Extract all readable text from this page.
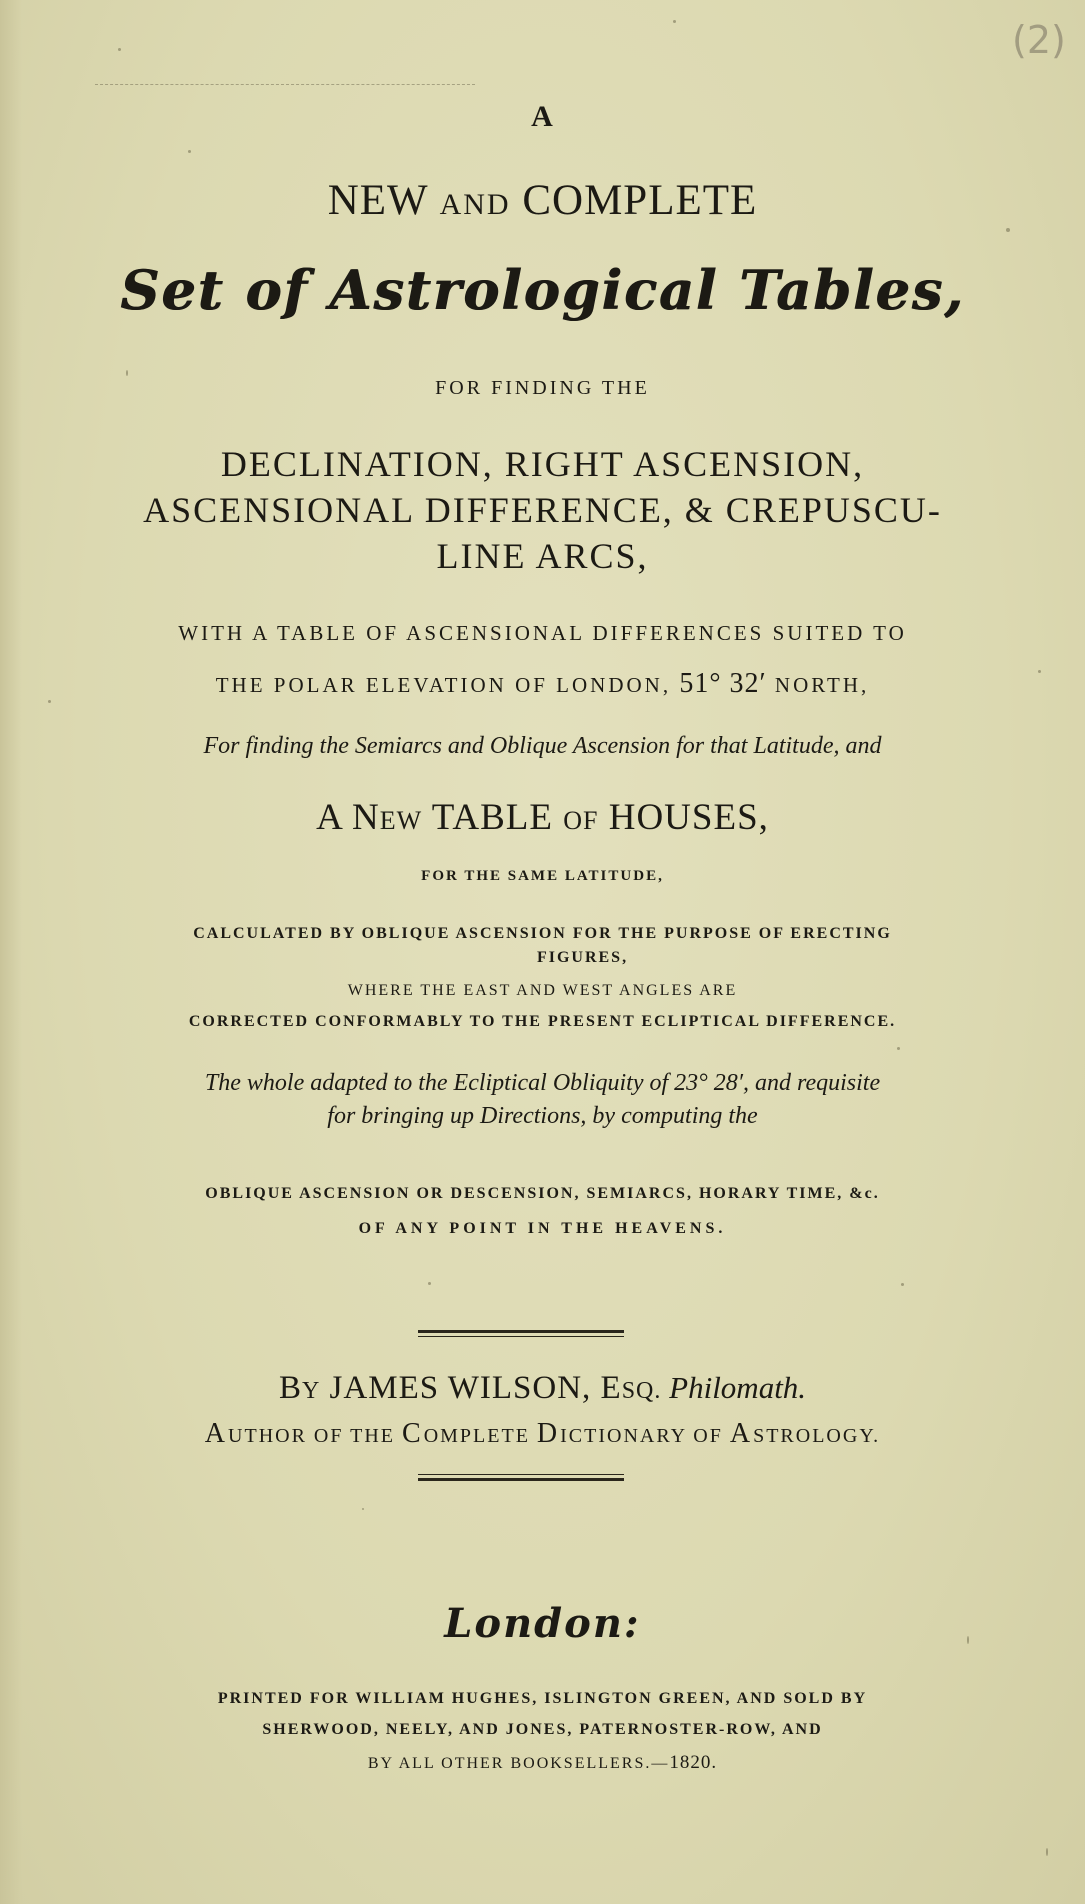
(2)
A
NEW AND COMPLETE
Set of Astrological Tables,
FOR FINDING THE
DECLINATION, RIGHT ASCENSION,
ASCENSIONAL DIFFERENCE, & CREPUSCU-
LINE ARCS,
WITH A TABLE OF ASCENSIONAL DIFFERENCES SUITED TO
THE POLAR ELEVATION OF LONDON, 51° 32′ NORTH,
For finding the Semiarcs and Oblique Ascension for that Latitude, and
A NEW TABLE OF HOUSES,
FOR THE SAME LATITUDE,
CALCULATED BY OBLIQUE ASCENSION FOR THE PURPOSE OF ERECTING
FIGURES,
WHERE THE EAST AND WEST ANGLES ARE
CORRECTED CONFORMABLY TO THE PRESENT ECLIPTICAL DIFFERENCE.
The whole adapted to the Ecliptical Obliquity of 23° 28′, and requisite
for bringing up Directions, by computing the
OBLIQUE ASCENSION OR DESCENSION, SEMIARCS, HORARY TIME, &c.
OF ANY POINT IN THE HEAVENS.
BY JAMES WILSON, ESQ. Philomath.
AUTHOR OF THE COMPLETE DICTIONARY OF ASTROLOGY.
London:
PRINTED FOR WILLIAM HUGHES, ISLINGTON GREEN, AND SOLD BY
SHERWOOD, NEELY, AND JONES, PATERNOSTER-ROW, AND
BY ALL OTHER BOOKSELLERS.—1820.
